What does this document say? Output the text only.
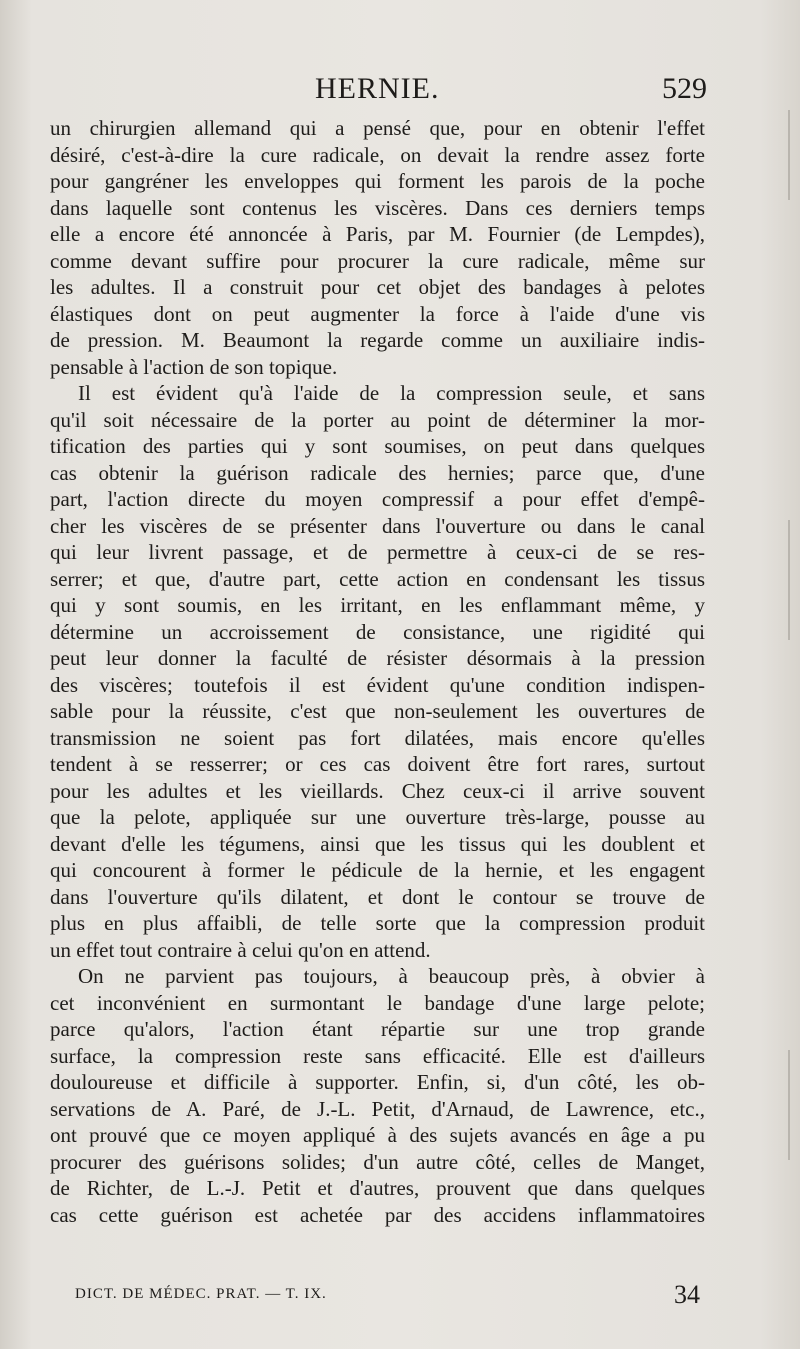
HERNIE.	529
un chirurgien allemand qui a pensé que, pour en obtenir l'effet
désiré, c'est-à-dire la cure radicale, on devait la rendre assez forte
pour gangréner les enveloppes qui forment les parois de la poche
dans laquelle sont contenus les viscères. Dans ces derniers temps
elle a encore été annoncée à Paris, par M. Fournier (de Lempdes),
comme devant suffire pour procurer la cure radicale, même sur
les adultes. Il a construit pour cet objet des bandages à pelotes
élastiques dont on peut augmenter la force à l'aide d'une vis
de pression. M. Beaumont la regarde comme un auxiliaire indis-
pensable à l'action de son topique.
Il est évident qu'à l'aide de la compression seule, et sans
qu'il soit nécessaire de la porter au point de déterminer la mor-
tification des parties qui y sont soumises, on peut dans quelques
cas obtenir la guérison radicale des hernies; parce que, d'une
part, l'action directe du moyen compressif a pour effet d'empê-
cher les viscères de se présenter dans l'ouverture ou dans le canal
qui leur livrent passage, et de permettre à ceux-ci de se res-
serrer; et que, d'autre part, cette action en condensant les tissus
qui y sont soumis, en les irritant, en les enflammant même, y
détermine un accroissement de consistance, une rigidité qui
peut leur donner la faculté de résister désormais à la pression
des viscères; toutefois il est évident qu'une condition indispen-
sable pour la réussite, c'est que non-seulement les ouvertures de
transmission ne soient pas fort dilatées, mais encore qu'elles
tendent à se resserrer; or ces cas doivent être fort rares, surtout
pour les adultes et les vieillards. Chez ceux-ci il arrive souvent
que la pelote, appliquée sur une ouverture très-large, pousse au
devant d'elle les tégumens, ainsi que les tissus qui les doublent et
qui concourent à former le pédicule de la hernie, et les engagent
dans l'ouverture qu'ils dilatent, et dont le contour se trouve de
plus en plus affaibli, de telle sorte que la compression produit
un effet tout contraire à celui qu'on en attend.
On ne parvient pas toujours, à beaucoup près, à obvier à
cet inconvénient en surmontant le bandage d'une large pelote;
parce qu'alors, l'action étant répartie sur une trop grande
surface, la compression reste sans efficacité. Elle est d'ailleurs
douloureuse et difficile à supporter. Enfin, si, d'un côté, les ob-
servations de A. Paré, de J.-L. Petit, d'Arnaud, de Lawrence, etc.,
ont prouvé que ce moyen appliqué à des sujets avancés en âge a pu
procurer des guérisons solides; d'un autre côté, celles de Manget,
de Richter, de L.-J. Petit et d'autres, prouvent que dans quelques
cas cette guérison est achetée par des accidens inflammatoires
DICT. DE MÉDEC. PRAT. — T. IX.	34
